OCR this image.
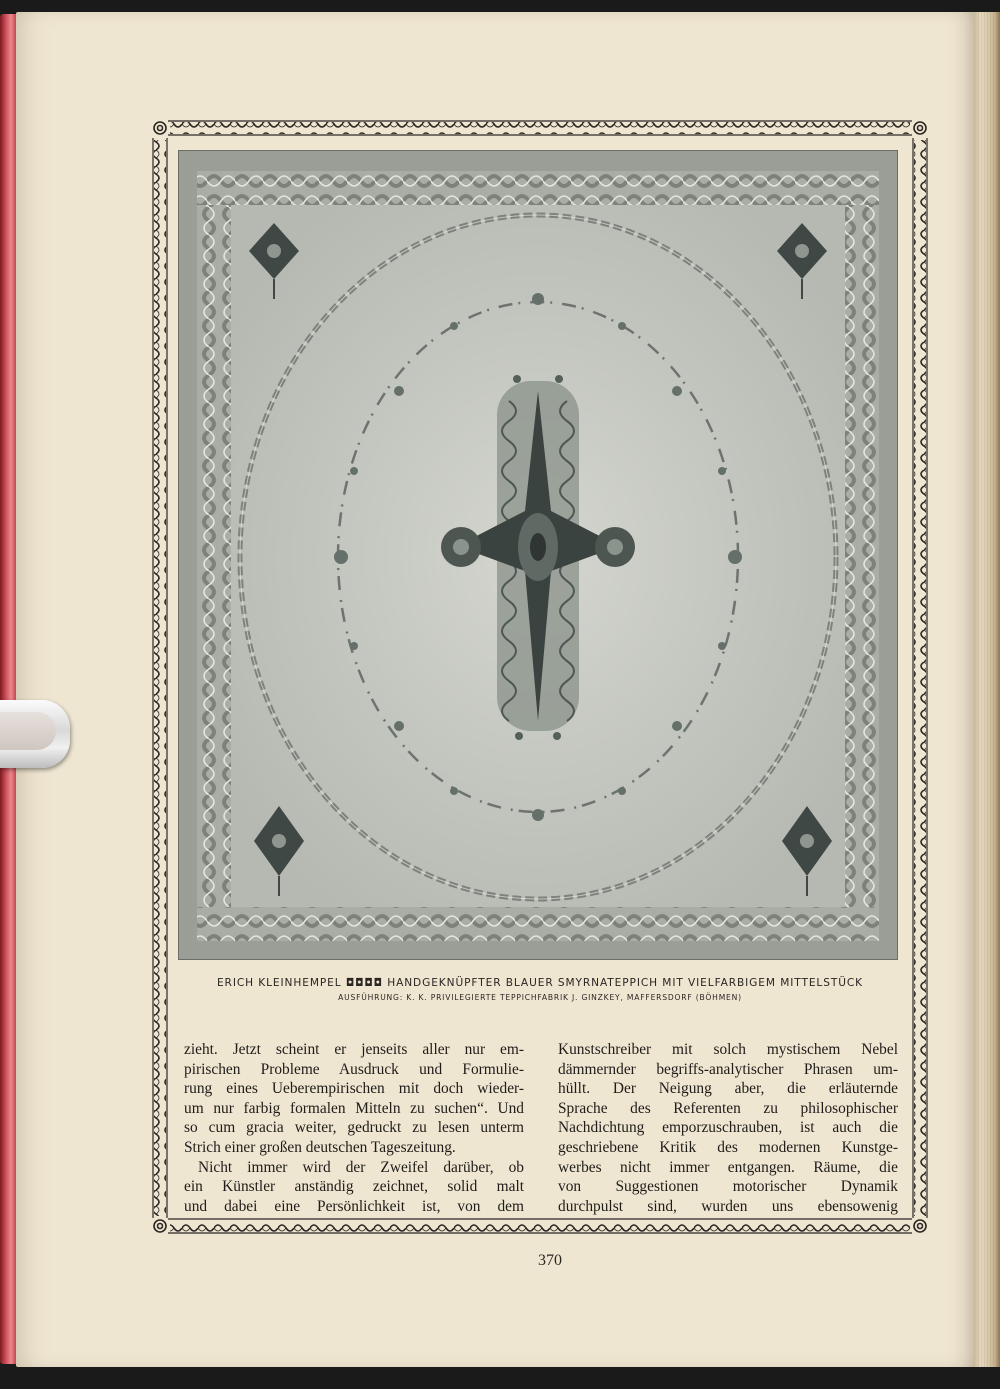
ERICH KLEINHEMPEL ◘◘◘◘ HANDGEKNÜPFTER BLAUER SMYRNATEPPICH MIT VIELFARBIGEM MITTELSTÜCK
AUSFÜHRUNG: K. K. PRIVILEGIERTE TEPPICHFABRIK J. GINZKEY, MAFFERSDORF (BÖHMEN)
zieht. Jetzt scheint er jenseits aller nur em-
pirischen Probleme Ausdruck und Formulie-
rung eines Ueberempirischen mit doch wieder-
um nur farbig formalen Mitteln zu suchen“. Und
so cum gracia weiter, gedruckt zu lesen unterm
Strich einer großen deutschen Tageszeitung.
Nicht immer wird der Zweifel darüber, ob
ein Künstler anständig zeichnet, solid malt
und dabei eine Persönlichkeit ist, von dem
Kunstschreiber mit solch mystischem Nebel
dämmernder begriffs-analytischer Phrasen um-
hüllt. Der Neigung aber, die erläuternde
Sprache des Referenten zu philosophischer
Nachdichtung emporzuschrauben, ist auch die
geschriebene Kritik des modernen Kunstge-
werbes nicht immer entgangen. Räume, die
von Suggestionen motorischer Dynamik
durchpulst sind, wurden uns ebensowenig
370
